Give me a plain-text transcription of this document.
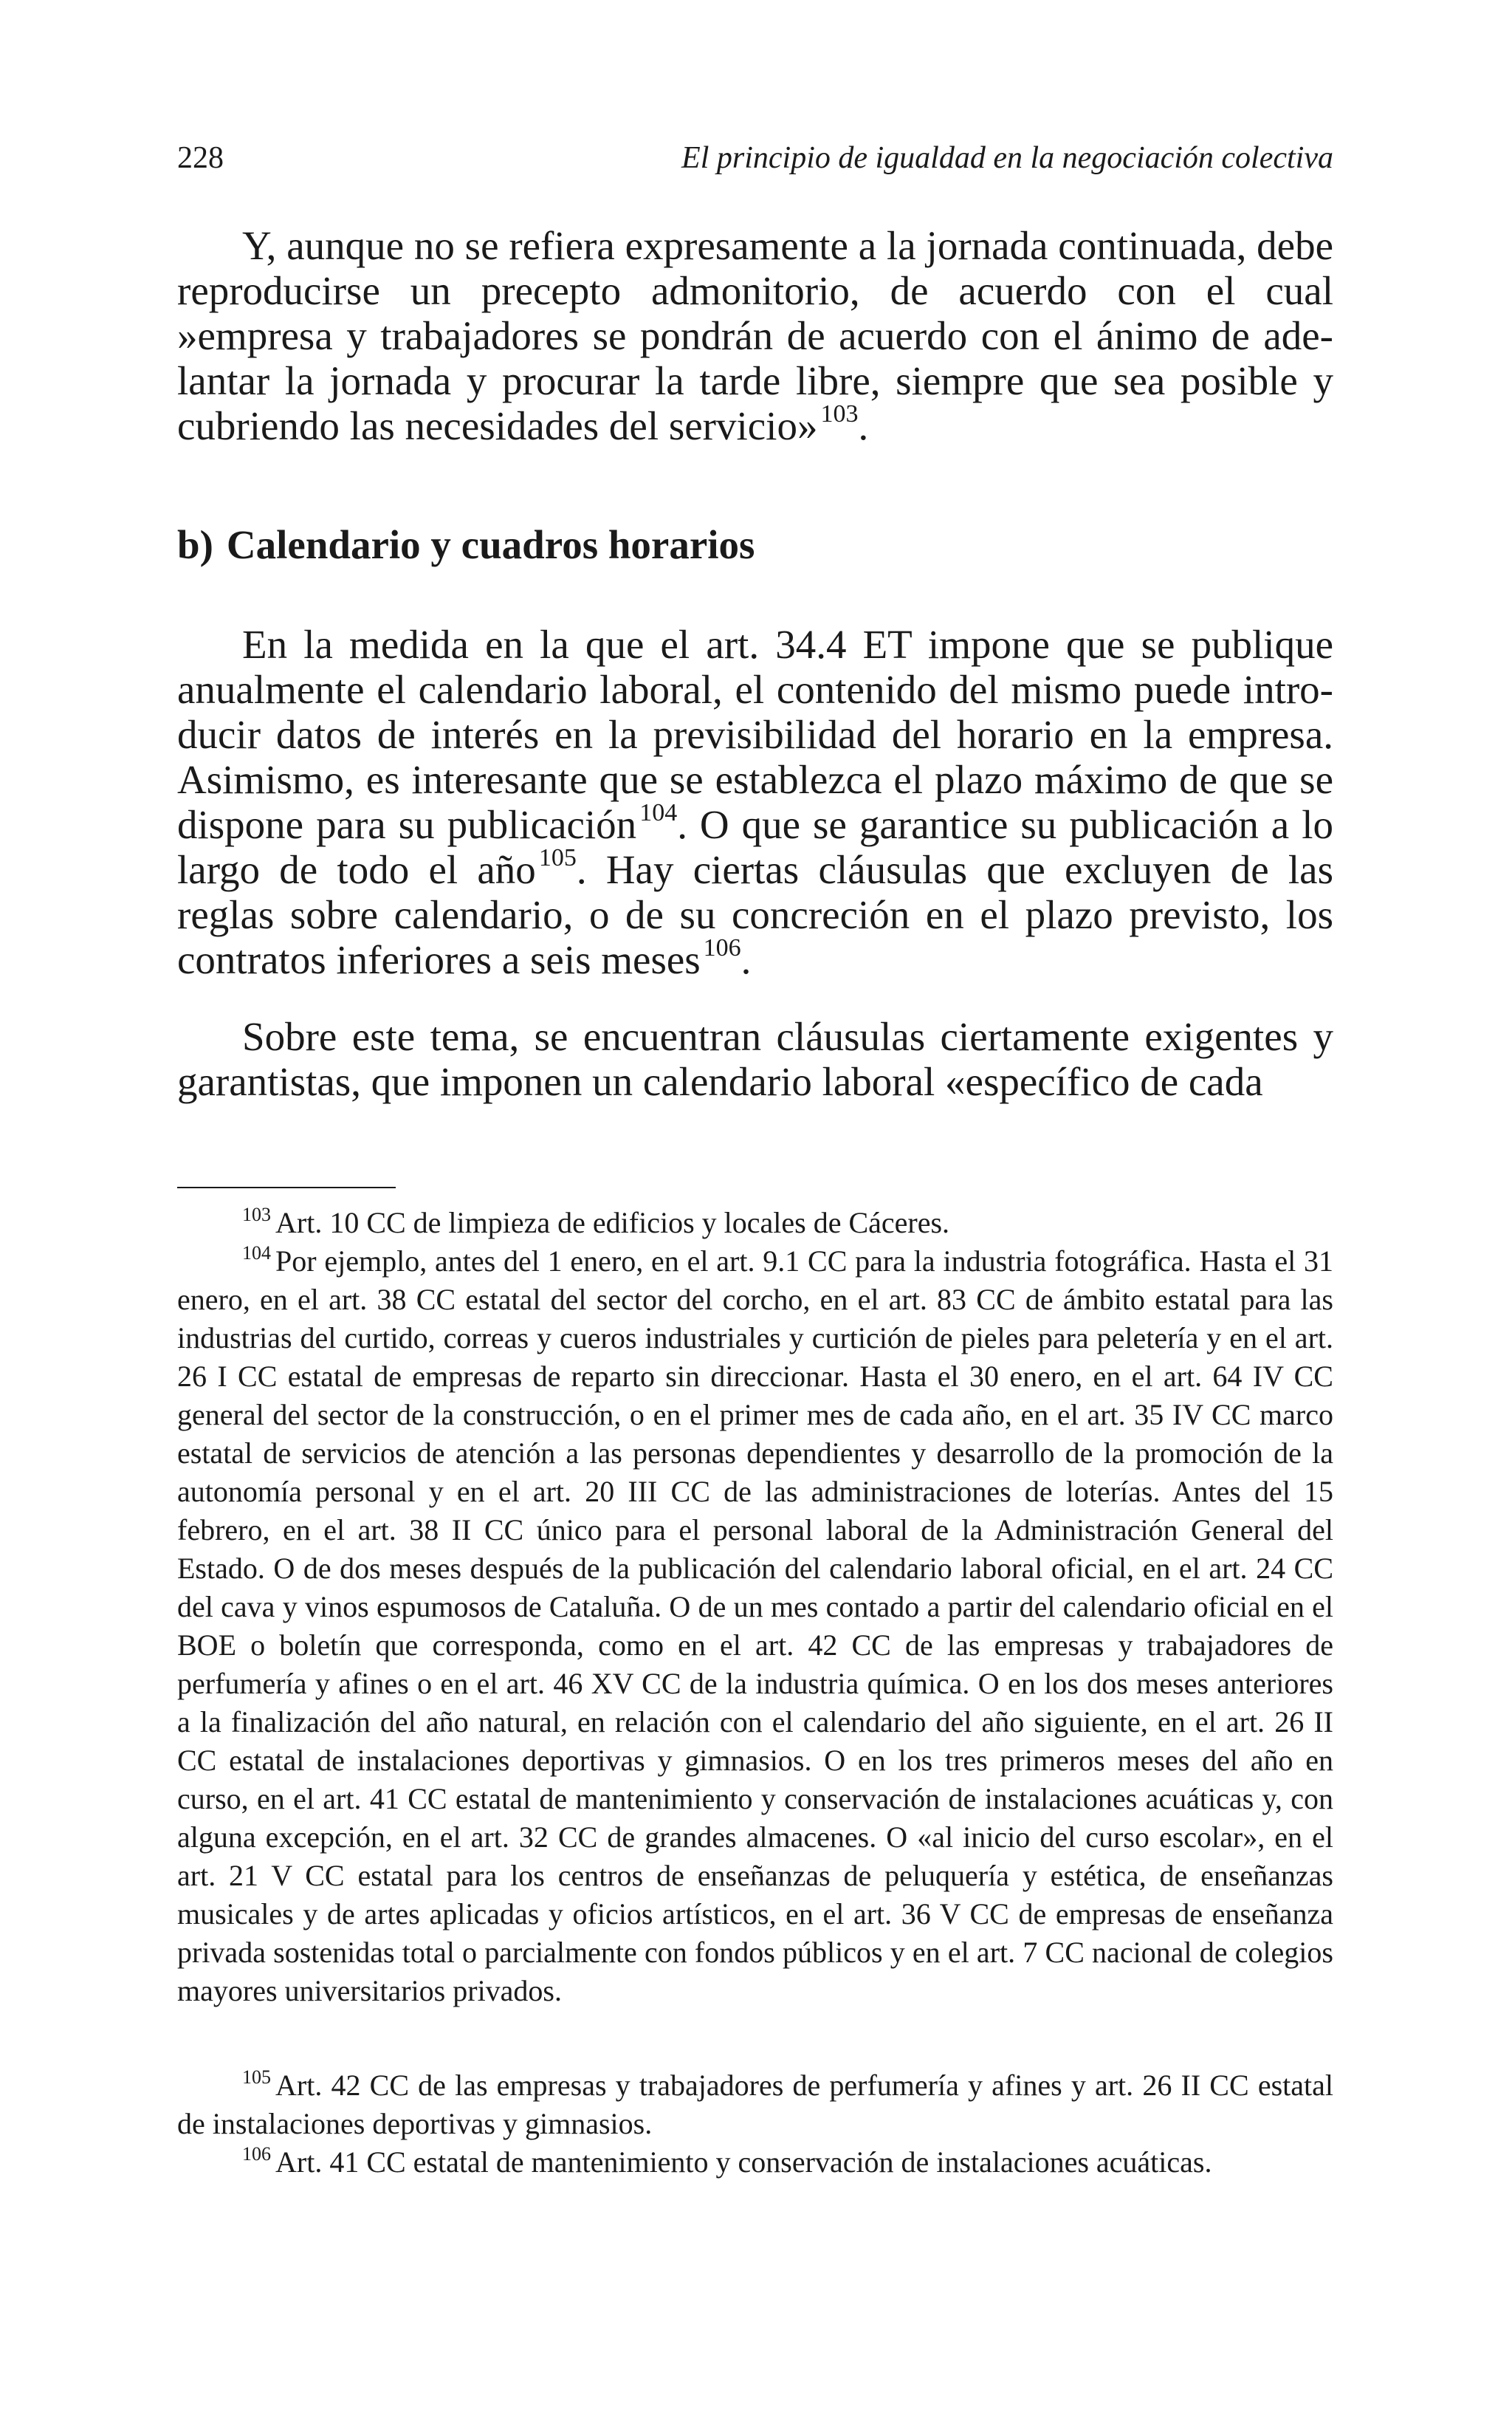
228	El principio de igualdad en la negociación colectiva

Y, aunque no se refiera expresamente a la jornada continuada, debe reproducirse un precepto admonitorio, de acuerdo con el cual »empresa y trabajadores se pondrán de acuerdo con el ánimo de adelantar la jornada y procurar la tarde libre, siempre que sea posible y cubriendo las necesidades del servicio» $^{103}$.

b) Calendario y cuadros horarios

En la medida en la que el art. 34.4 ET impone que se publique anualmente el calendario laboral, el contenido del mismo puede introducir datos de interés en la previsibilidad del horario en la empresa. Asimismo, es interesante que se establezca el plazo máximo de que se dispone para su publicación $^{104}$. O que se garantice su publicación a lo largo de todo el año $^{105}$. Hay ciertas cláusulas que excluyen de las reglas sobre calendario, o de su concreción en el plazo previsto, los contratos inferiores a seis meses $^{106}$.

Sobre este tema, se encuentran cláusulas ciertamente exigentes y garantistas, que imponen un calendario laboral «específico de cada

$^{103}$ Art. 10 CC de limpieza de edificios y locales de Cáceres.

$^{104}$ Por ejemplo, antes del 1 enero, en el art. 9.1 CC para la industria fotográfica. Hasta el 31 enero, en el art. 38 CC estatal del sector del corcho, en el art. 83 CC de ámbito estatal para las industrias del curtido, correas y cueros industriales y curtición de pieles para peletería y en el art. 26 I CC estatal de empresas de reparto sin direccionar. Hasta el 30 enero, en el art. 64 IV CC general del sector de la construcción, o en el primer mes de cada año, en el art. 35 IV CC marco estatal de servicios de atención a las personas dependientes y desarrollo de la promoción de la autonomía personal y en el art. 20 III CC de las administraciones de loterías. Antes del 15 febrero, en el art. 38 II CC único para el personal laboral de la Administración General del Estado. O de dos meses después de la publicación del calendario laboral oficial, en el art. 24 CC del cava y vinos espumosos de Cataluña. O de un mes contado a partir del calendario oficial en el BOE o boletín que corresponda, como en el art. 42 CC de las empresas y trabajadores de perfumería y afines o en el art. 46 XV CC de la industria química. O en los dos meses anteriores a la finalización del año natural, en relación con el calendario del año siguiente, en el art. 26 II CC estatal de instalaciones deportivas y gimnasios. O en los tres primeros meses del año en curso, en el art. 41 CC estatal de mantenimiento y conservación de instalaciones acuáticas y, con alguna excepción, en el art. 32 CC de grandes almacenes. O «al inicio del curso escolar», en el art. 21 V CC estatal para los centros de enseñanzas de peluquería y estética, de enseñanzas musicales y de artes aplicadas y oficios artísticos, en el art. 36 V CC de empresas de enseñanza privada sostenidas total o parcialmente con fondos públicos y en el art. 7 CC nacional de colegios mayores universitarios privados.

$^{105}$ Art. 42 CC de las empresas y trabajadores de perfumería y afines y art. 26 II CC estatal de instalaciones deportivas y gimnasios.

$^{106}$ Art. 41 CC estatal de mantenimiento y conservación de instalaciones acuáticas.
